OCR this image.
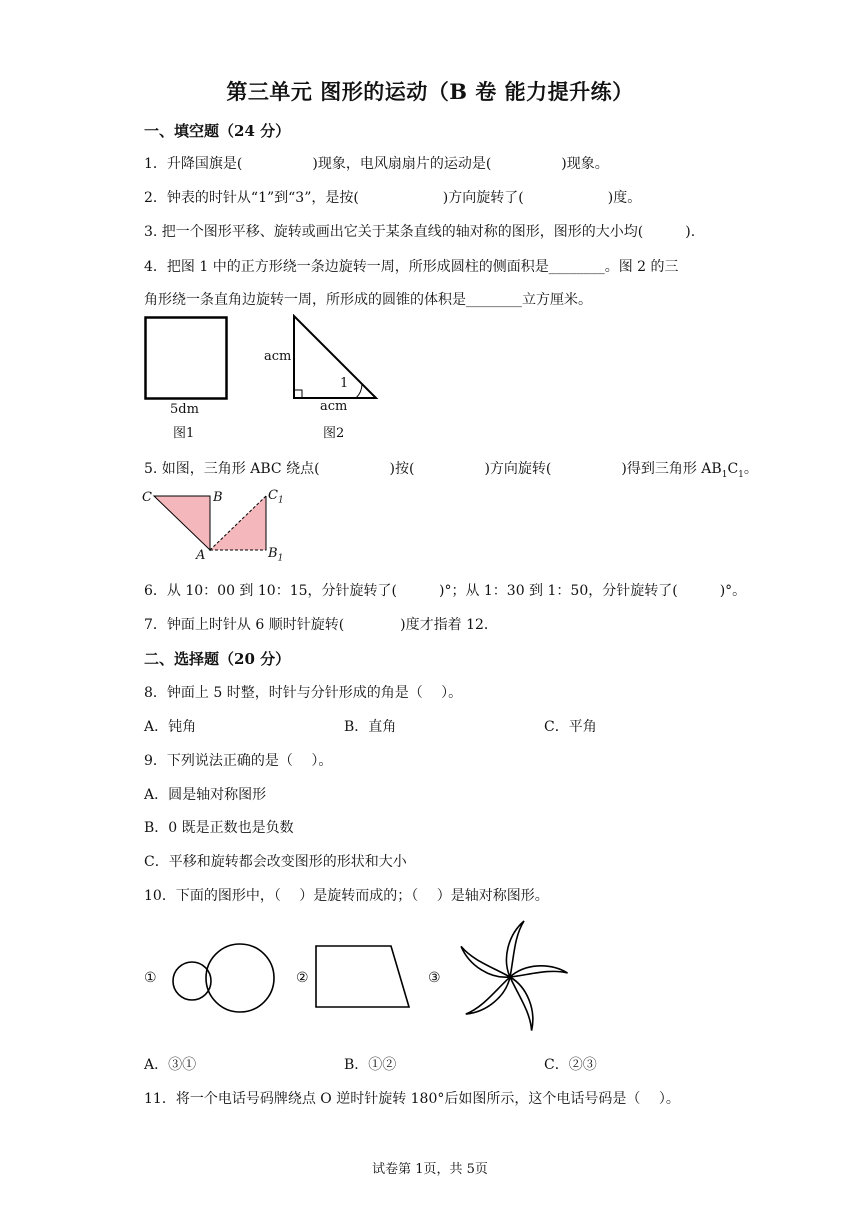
第三单元 图形的运动（B 卷 能力提升练）
一、填空题（24 分）
1．升降国旗是(　　　　　)现象，电风扇扇片的运动是(　　　　　)现象。
2．钟表的时针从“1”到“3”，是按(　　　　　　)方向旋转了(　　　　　　)度。
3. 把一个图形平移、旋转或画出它关于某条直线的轴对称的图形，图形的大小均(　　　).
4．把图 1 中的正方形绕一条边旋转一周，所形成圆柱的侧面积是________。图 2 的三
角形绕一条直角边旋转一周，所形成的圆锥的体积是________立方厘米。
5dm
图1
acm
1
acm
图2
5. 如图，三角形 ABC 绕点(　　　　　)按(　　　　　)方向旋转(　　　　　)得到三角形 $AB_1C_1$。
C	B
A
$C_1$
$B_1$
6．从 10：00 到 10：15，分针旋转了(　　　)°；从 1：30 到 1：50，分针旋转了(　　　)°。
7．钟面上时针从 6 顺时针旋转(　　　　)度才指着 12．
二、选择题（20 分）
8．钟面上 5 时整，时针与分针形成的角是（　 ）。
A．钝角	B．直角	C．平角
9．下列说法正确的是（　 ）。
A．圆是轴对称图形
B．0 既是正数也是负数
C．平移和旋转都会改变图形的形状和大小
10．下面的图形中，（　 ）是旋转而成的；（　 ）是轴对称图形。
①	②	③
A．③①	B．①②	C．②③
11．将一个电话号码牌绕点 O 逆时针旋转 180°后如图所示，这个电话号码是（　 ）。
试卷第 1页，共 5页
